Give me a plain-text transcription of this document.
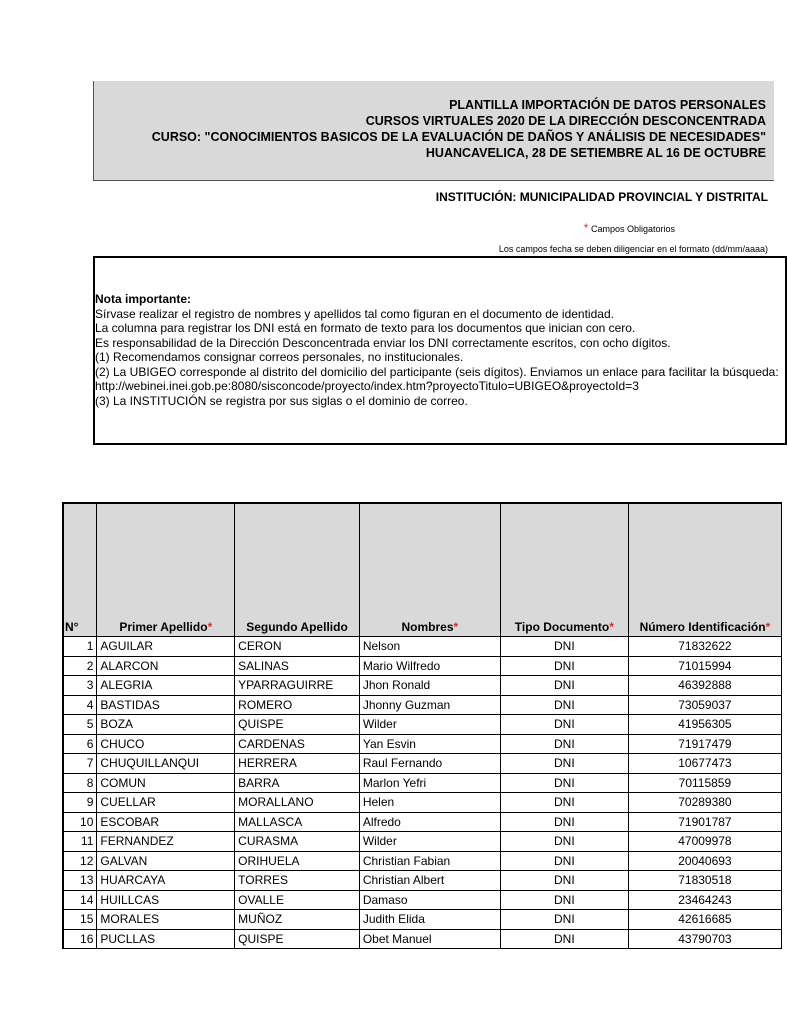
PLANTILLA IMPORTACIÓN DE DATOS PERSONALES
CURSOS VIRTUALES 2020 DE LA DIRECCIÓN DESCONCENTRADA
CURSO: "CONOCIMIENTOS BASICOS DE LA EVALUACIÓN DE DAÑOS Y ANÁLISIS DE NECESIDADES"
HUANCAVELICA, 28 DE SETIEMBRE AL 16 DE OCTUBRE
INSTITUCIÓN: MUNICIPALIDAD PROVINCIAL Y DISTRITAL
* Campos Obligatorios
Los campos fecha se deben diligenciar en el formato (dd/mm/aaaa)
Nota importante:
Sírvase realizar el registro de nombres y apellidos tal como figuran en el documento de identidad.
La columna para registrar los DNI está en formato de texto para los documentos que inician con cero.
Es responsabilidad de la Dirección Desconcentrada enviar los DNI correctamente escritos, con ocho dígitos.
(1) Recomendamos consignar correos personales, no institucionales.
(2) La UBIGEO corresponde al distrito del domicilio del participante (seis dígitos). Enviamos un enlace para facilitar la búsqueda:
http://webinei.inei.gob.pe:8080/sisconcode/proyecto/index.htm?proyectoTitulo=UBIGEO&proyectoId=3
(3) La INSTITUCIÓN se registra por sus siglas o el dominio de correo.
N°	Primer Apellido*	Segundo Apellido	Nombres*	Tipo Documento*	Número Identificación*
1	AGUILAR	CERON	Nelson	DNI	71832622
2	ALARCON	SALINAS	Mario Wilfredo	DNI	71015994
3	ALEGRIA	YPARRAGUIRRE	Jhon Ronald	DNI	46392888
4	BASTIDAS	ROMERO	Jhonny Guzman	DNI	73059037
5	BOZA	QUISPE	Wilder	DNI	41956305
6	CHUCO	CARDENAS	Yan Esvin	DNI	71917479
7	CHUQUILLANQUI	HERRERA	Raul Fernando	DNI	10677473
8	COMUN	BARRA	Marlon Yefri	DNI	70115859
9	CUELLAR	MORALLANO	Helen	DNI	70289380
10	ESCOBAR	MALLASCA	Alfredo	DNI	71901787
11	FERNANDEZ	CURASMA	Wilder	DNI	47009978
12	GALVAN	ORIHUELA	Christian Fabian	DNI	20040693
13	HUARCAYA	TORRES	Christian Albert	DNI	71830518
14	HUILLCAS	OVALLE	Damaso	DNI	23464243
15	MORALES	MUÑOZ	Judith Elida	DNI	42616685
16	PUCLLAS	QUISPE	Obet Manuel	DNI	43790703
